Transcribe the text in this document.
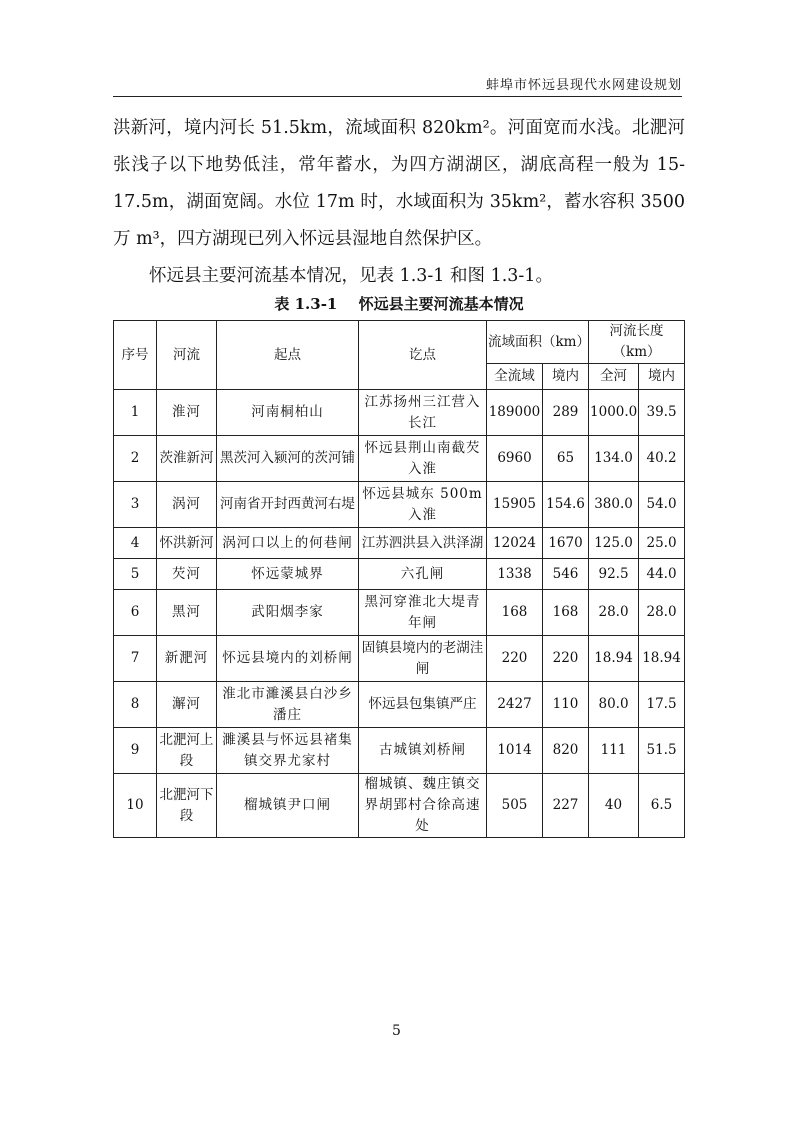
蚌埠市怀远县现代水网建设规划
洪新河，境内河长 51.5km，流域面积 820km²。河面宽而水浅。北淝河张浅子以下地势低洼，常年蓄水，为四方湖湖区，湖底高程一般为 15-17.5m，湖面宽阔。水位 17m 时，水域面积为 35km²，蓄水容积 3500 万 m³，四方湖现已列入怀远县湿地自然保护区。
怀远县主要河流基本情况，见表 1.3-1 和图 1.3-1。
表 1.3-1 怀远县主要河流基本情况
序号	河流	起点	讫点	流域面积（km）		河流长度（km）	
				全流域	境内	全河	境内
1	淮河	河南桐柏山	江苏扬州三江营入长江	189000	289	1000.0	39.5
2	茨淮新河	黑茨河入颍河的茨河铺	怀远县荆山南截芡入淮	6960	65	134.0	40.2
3	涡河	河南省开封西黄河右堤	怀远县城东 500m 入淮	15905	154.6	380.0	54.0
4	怀洪新河	涡河口以上的何巷闸	江苏泗洪县入洪泽湖	12024	1670	125.0	25.0
5	芡河	怀远蒙城界	六孔闸	1338	546	92.5	44.0
6	黑河	武阳烟李家	黑河穿淮北大堤青年闸	168	168	28.0	28.0
7	新淝河	怀远县境内的刘桥闸	固镇县境内的老湖洼闸	220	220	18.94	18.94
8	澥河	淮北市濉溪县白沙乡潘庄	怀远县包集镇严庄	2427	110	80.0	17.5
9	北淝河上段	濉溪县与怀远县褚集镇交界尤家村	古城镇刘桥闸	1014	820	111	51.5
10	北淝河下段	榴城镇尹口闸	榴城镇、魏庄镇交界胡郢村合徐高速处	505	227	40	6.5
5
